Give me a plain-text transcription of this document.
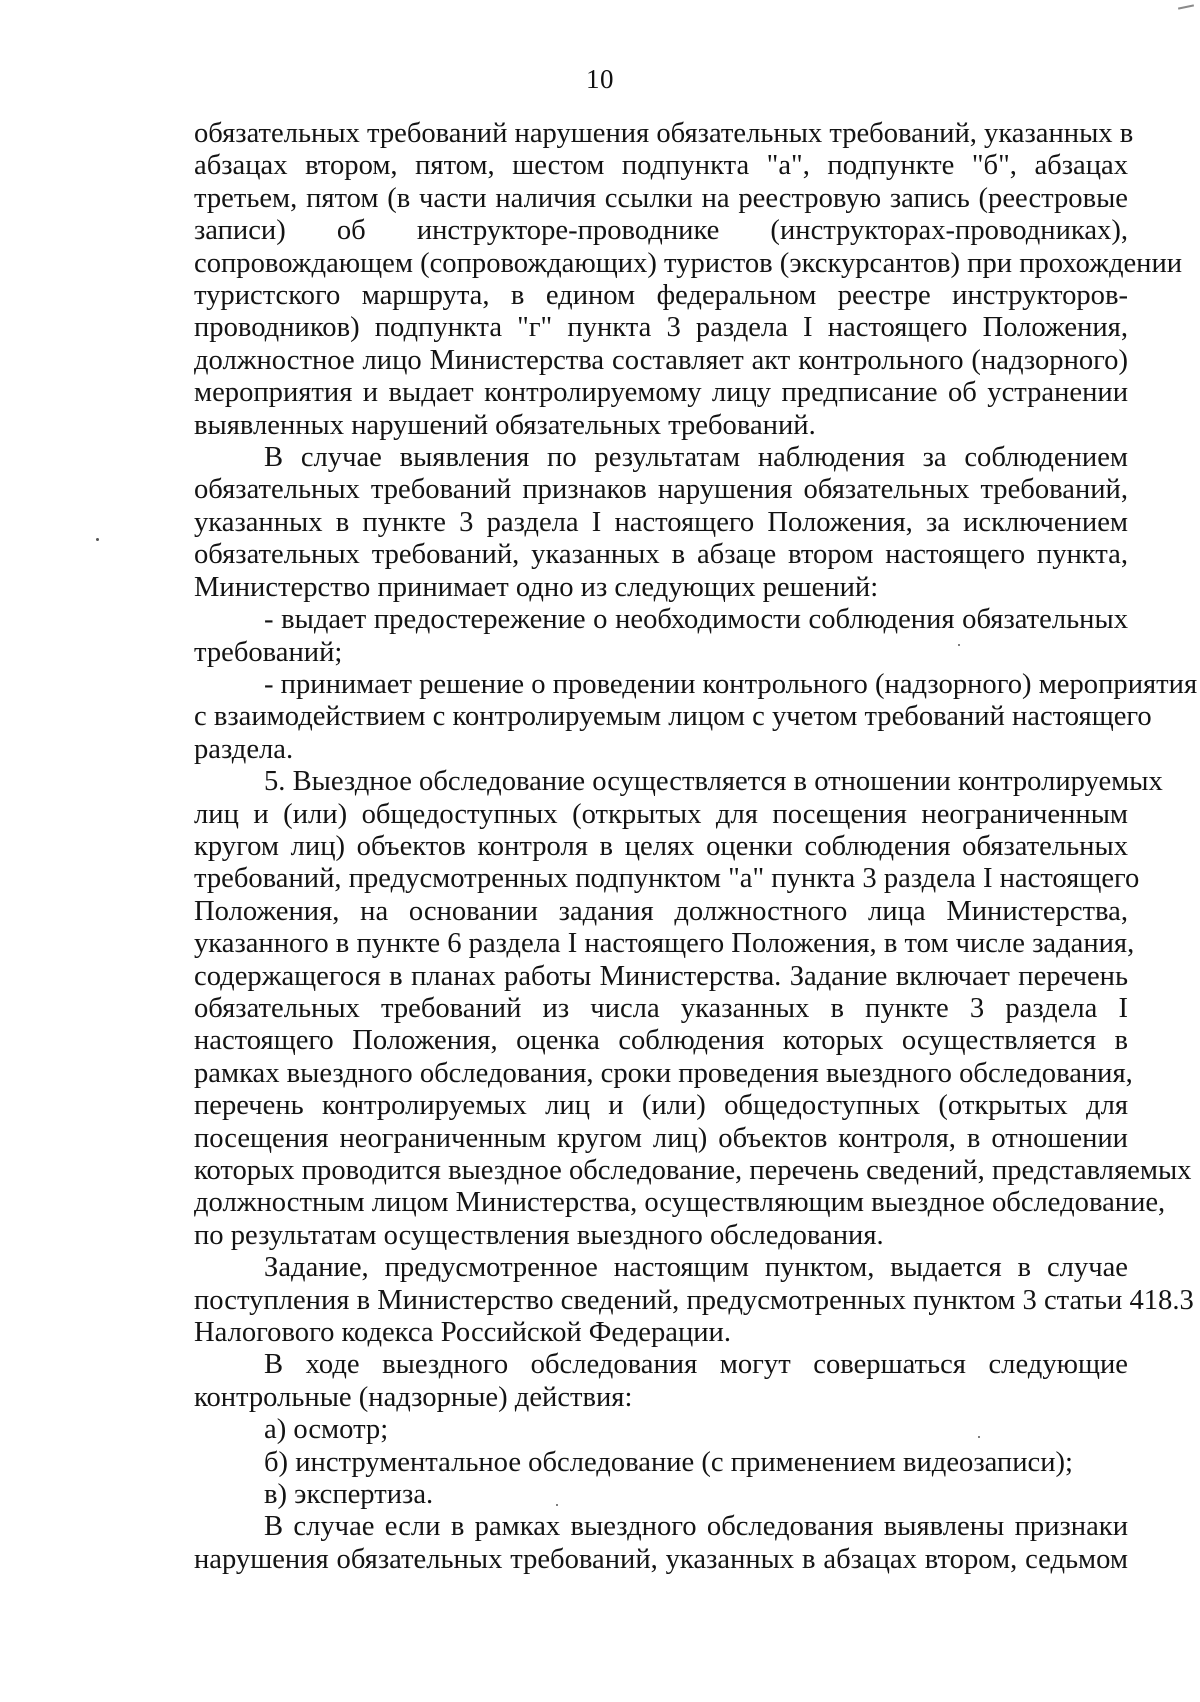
10
обязательных требований нарушения обязательных требований, указанных в
абзацах втором, пятом, шестом подпункта "а", подпункте "б", абзацах
третьем, пятом (в части наличия ссылки на реестровую запись (реестровые
записи) об инструкторе-проводнике (инструкторах-проводниках),
сопровождающем (сопровождающих) туристов (экскурсантов) при прохождении
туристского маршрута, в едином федеральном реестре инструкторов-
проводников) подпункта "г" пункта 3 раздела I настоящего Положения,
должностное лицо Министерства составляет акт контрольного (надзорного)
мероприятия и выдает контролируемому лицу предписание об устранении
выявленных нарушений обязательных требований.
В случае выявления по результатам наблюдения за соблюдением
обязательных требований признаков нарушения обязательных требований,
указанных в пункте 3 раздела I настоящего Положения, за исключением
обязательных требований, указанных в абзаце втором настоящего пункта,
Министерство принимает одно из следующих решений:
- выдает предостережение о необходимости соблюдения обязательных
требований;
- принимает решение о проведении контрольного (надзорного) мероприятия
с взаимодействием с контролируемым лицом с учетом требований настоящего
раздела.
5. Выездное обследование осуществляется в отношении контролируемых
лиц и (или) общедоступных (открытых для посещения неограниченным
кругом лиц) объектов контроля в целях оценки соблюдения обязательных
требований, предусмотренных подпунктом "а" пункта 3 раздела I настоящего
Положения, на основании задания должностного лица Министерства,
указанного в пункте 6 раздела I настоящего Положения, в том числе задания,
содержащегося в планах работы Министерства. Задание включает перечень
обязательных требований из числа указанных в пункте 3 раздела I
настоящего Положения, оценка соблюдения которых осуществляется в
рамках выездного обследования, сроки проведения выездного обследования,
перечень контролируемых лиц и (или) общедоступных (открытых для
посещения неограниченным кругом лиц) объектов контроля, в отношении
которых проводится выездное обследование, перечень сведений, представляемых
должностным лицом Министерства, осуществляющим выездное обследование,
по результатам осуществления выездного обследования.
Задание, предусмотренное настоящим пунктом, выдается в случае
поступления в Министерство сведений, предусмотренных пунктом 3 статьи 418.3
Налогового кодекса Российской Федерации.
В ходе выездного обследования могут совершаться следующие
контрольные (надзорные) действия:
а) осмотр;
б) инструментальное обследование (с применением видеозаписи);
в) экспертиза.
В случае если в рамках выездного обследования выявлены признаки
нарушения обязательных требований, указанных в абзацах втором, седьмом
